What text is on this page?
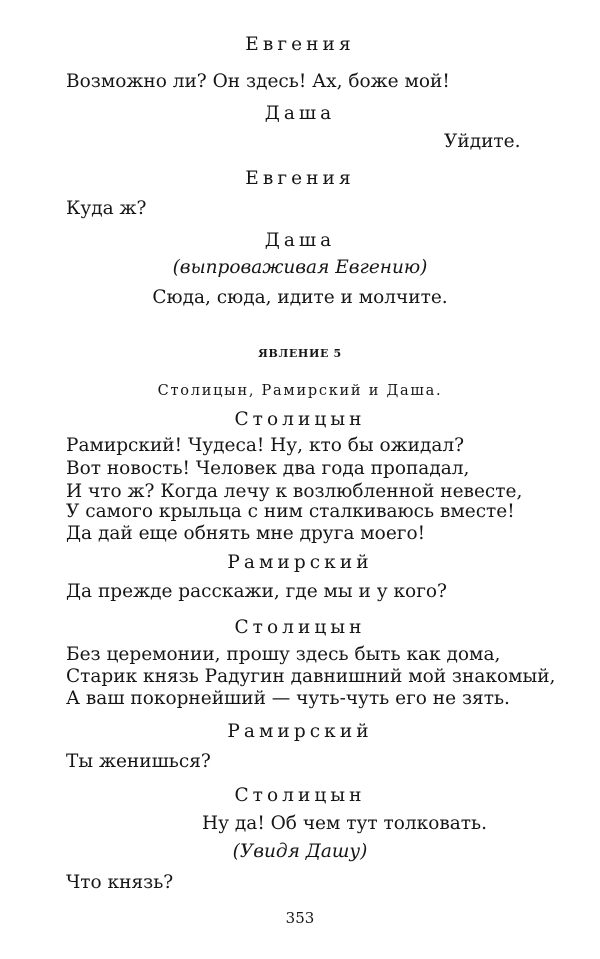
Евгения
Возможно ли? Он здесь! Ах, боже мой!
Даша
Уйдите.
Евгения
Куда ж?
Даша
(выпроваживая Евгению)
Сюда, сюда, идите и молчите.
ЯВЛЕНИЕ 5
Столицын, Рамирский и Даша.
Столицын
Рамирский! Чудеса! Ну, кто бы ожидал?
Вот новость! Человек два года пропадал,
И что ж? Когда лечу к возлюбленной невесте,
У самого крыльца с ним сталкиваюсь вместе!
Да дай еще обнять мне друга моего!
Рамирский
Да прежде расскажи, где мы и у кого?
Столицын
Без церемонии, прошу здесь быть как дома,
Старик князь Радугин давнишний мой знакомый,
А ваш покорнейший — чуть-чуть его не зять.
Рамирский
Ты женишься?
Столицын
Ну да! Об чем тут толковать.
(Увидя Дашу)
Что князь?
353
